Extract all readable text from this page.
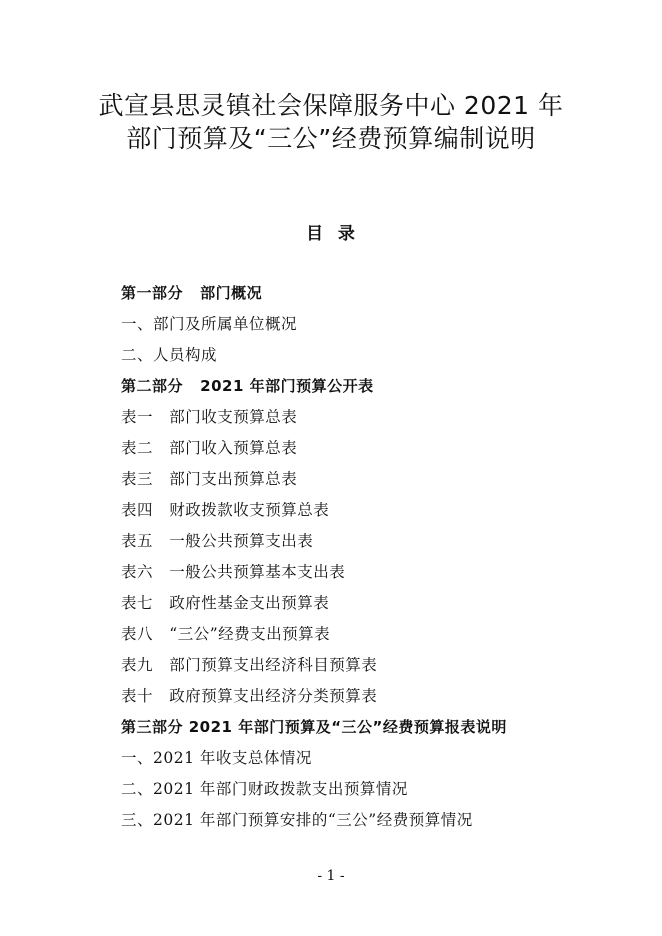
武宣县思灵镇社会保障服务中心 2021 年
部门预算及“三公”经费预算编制说明
目  录
第一部分   部门概况
一、部门及所属单位概况
二、人员构成
第二部分   2021 年部门预算公开表
表一   部门收支预算总表
表二   部门收入预算总表
表三   部门支出预算总表
表四   财政拨款收支预算总表
表五   一般公共预算支出表
表六   一般公共预算基本支出表
表七   政府性基金支出预算表
表八   “三公”经费支出预算表
表九   部门预算支出经济科目预算表
表十   政府预算支出经济分类预算表
第三部分 2021 年部门预算及“三公”经费预算报表说明
一、2021 年收支总体情况
二、2021 年部门财政拨款支出预算情况
三、2021 年部门预算安排的“三公”经费预算情况
- 1 -
